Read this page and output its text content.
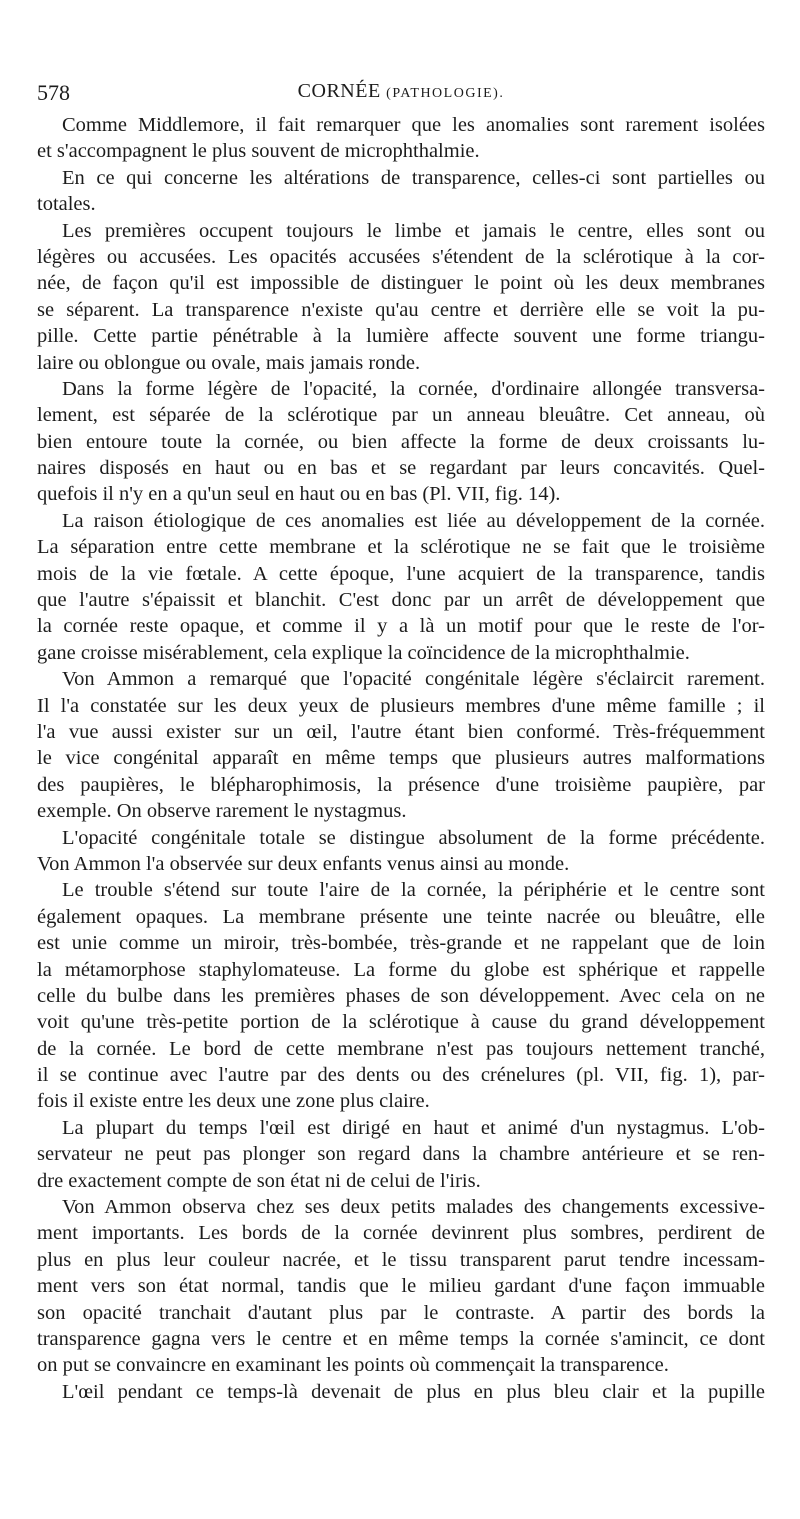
578	CORNÉE (PATHOLOGIE).
Comme Middlemore, il fait remarquer que les anomalies sont rarement isolées
et s'accompagnent le plus souvent de microphthalmie.
En ce qui concerne les altérations de transparence, celles-ci sont partielles ou
totales.
Les premières occupent toujours le limbe et jamais le centre, elles sont ou
légères ou accusées. Les opacités accusées s'étendent de la sclérotique à la cor-
née, de façon qu'il est impossible de distinguer le point où les deux membranes
se séparent. La transparence n'existe qu'au centre et derrière elle se voit la pu-
pille. Cette partie pénétrable à la lumière affecte souvent une forme triangu-
laire ou oblongue ou ovale, mais jamais ronde.
Dans la forme légère de l'opacité, la cornée, d'ordinaire allongée transversa-
lement, est séparée de la sclérotique par un anneau bleuâtre. Cet anneau, où
bien entoure toute la cornée, ou bien affecte la forme de deux croissants lu-
naires disposés en haut ou en bas et se regardant par leurs concavités. Quel-
quefois il n'y en a qu'un seul en haut ou en bas (Pl. VII, fig. 14).
La raison étiologique de ces anomalies est liée au développement de la cornée.
La séparation entre cette membrane et la sclérotique ne se fait que le troisième
mois de la vie fœtale. A cette époque, l'une acquiert de la transparence, tandis
que l'autre s'épaissit et blanchit. C'est donc par un arrêt de développement que
la cornée reste opaque, et comme il y a là un motif pour que le reste de l'or-
gane croisse misérablement, cela explique la coïncidence de la microphthalmie.
Von Ammon a remarqué que l'opacité congénitale légère s'éclaircit rarement.
Il l'a constatée sur les deux yeux de plusieurs membres d'une même famille ; il
l'a vue aussi exister sur un œil, l'autre étant bien conformé. Très-fréquemment
le vice congénital apparaît en même temps que plusieurs autres malformations
des paupières, le blépharophimosis, la présence d'une troisième paupière, par
exemple. On observe rarement le nystagmus.
L'opacité congénitale totale se distingue absolument de la forme précédente.
Von Ammon l'a observée sur deux enfants venus ainsi au monde.
Le trouble s'étend sur toute l'aire de la cornée, la périphérie et le centre sont
également opaques. La membrane présente une teinte nacrée ou bleuâtre, elle
est unie comme un miroir, très-bombée, très-grande et ne rappelant que de loin
la métamorphose staphylomateuse. La forme du globe est sphérique et rappelle
celle du bulbe dans les premières phases de son développement. Avec cela on ne
voit qu'une très-petite portion de la sclérotique à cause du grand développement
de la cornée. Le bord de cette membrane n'est pas toujours nettement tranché,
il se continue avec l'autre par des dents ou des crénelures (pl. VII, fig. 1), par-
fois il existe entre les deux une zone plus claire.
La plupart du temps l'œil est dirigé en haut et animé d'un nystagmus. L'ob-
servateur ne peut pas plonger son regard dans la chambre antérieure et se ren-
dre exactement compte de son état ni de celui de l'iris.
Von Ammon observa chez ses deux petits malades des changements excessive-
ment importants. Les bords de la cornée devinrent plus sombres, perdirent de
plus en plus leur couleur nacrée, et le tissu transparent parut tendre incessam-
ment vers son état normal, tandis que le milieu gardant d'une façon immuable
son opacité tranchait d'autant plus par le contraste. A partir des bords la
transparence gagna vers le centre et en même temps la cornée s'amincit, ce dont
on put se convaincre en examinant les points où commençait la transparence.
L'œil pendant ce temps-là devenait de plus en plus bleu clair et la pupille
